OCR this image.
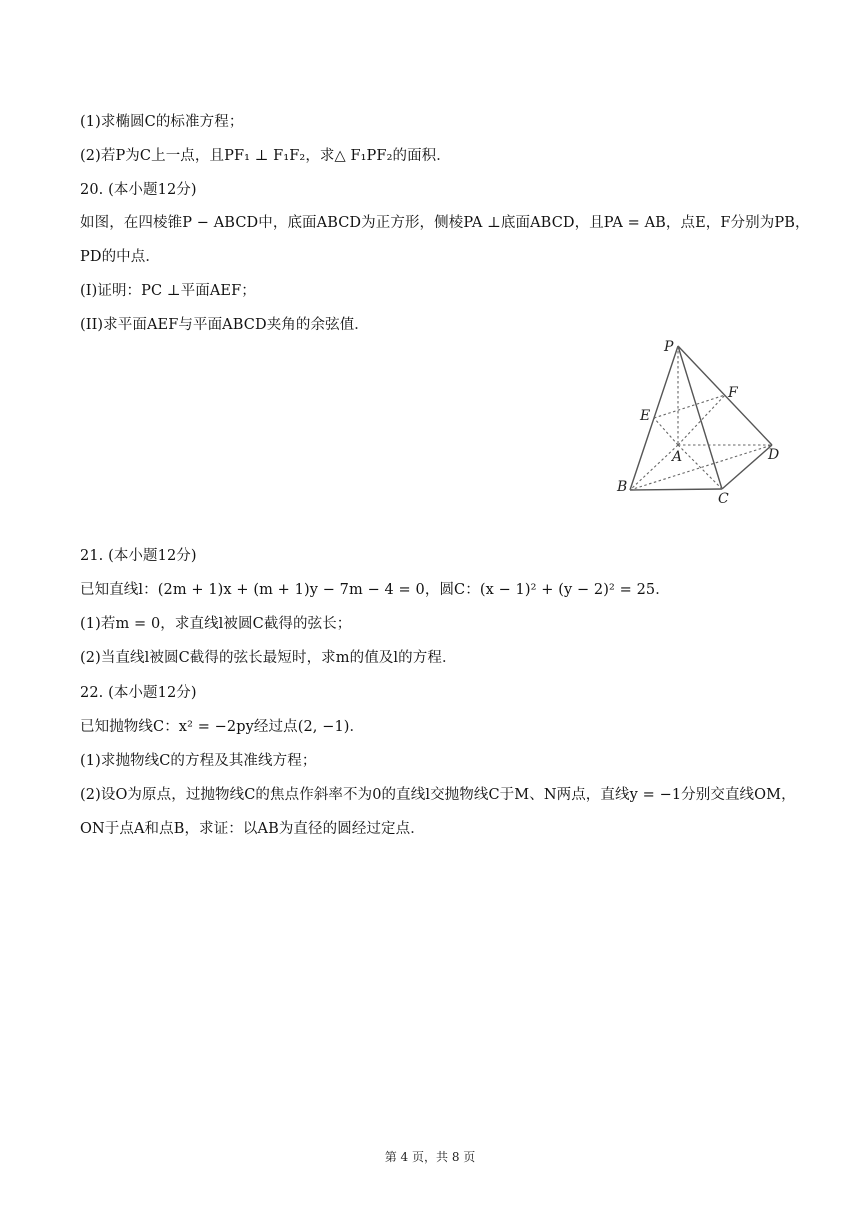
(1)求椭圆C的标准方程；
(2)若P为C上一点，且PF₁ ⊥ F₁F₂，求△ F₁PF₂的面积．
20. (本小题12分)
如图，在四棱锥P − ABCD中，底面ABCD为正方形，侧棱PA ⊥底面ABCD，且PA = AB，点E，F分别为PB，
PD的中点．
(I)证明：PC ⊥平面AEF；
(II)求平面AEF与平面ABCD夹角的余弦值．
21. (本小题12分)
已知直线l：(2m + 1)x + (m + 1)y − 7m − 4 = 0，圆C：(x − 1)² + (y − 2)² = 25．
(1)若m = 0，求直线l被圆C截得的弦长；
(2)当直线l被圆C截得的弦长最短时，求m的值及l的方程．
22. (本小题12分)
已知抛物线C：x² = −2py经过点(2, −1)．
(1)求抛物线C的方程及其准线方程；
(2)设O为原点，过抛物线C的焦点作斜率不为0的直线l交抛物线C于M、N两点，直线y = −1分别交直线OM，
ON于点A和点B，求证：以AB为直径的圆经过定点．
P
E
F
A	D
B
C
第 4 页，共 8 页
